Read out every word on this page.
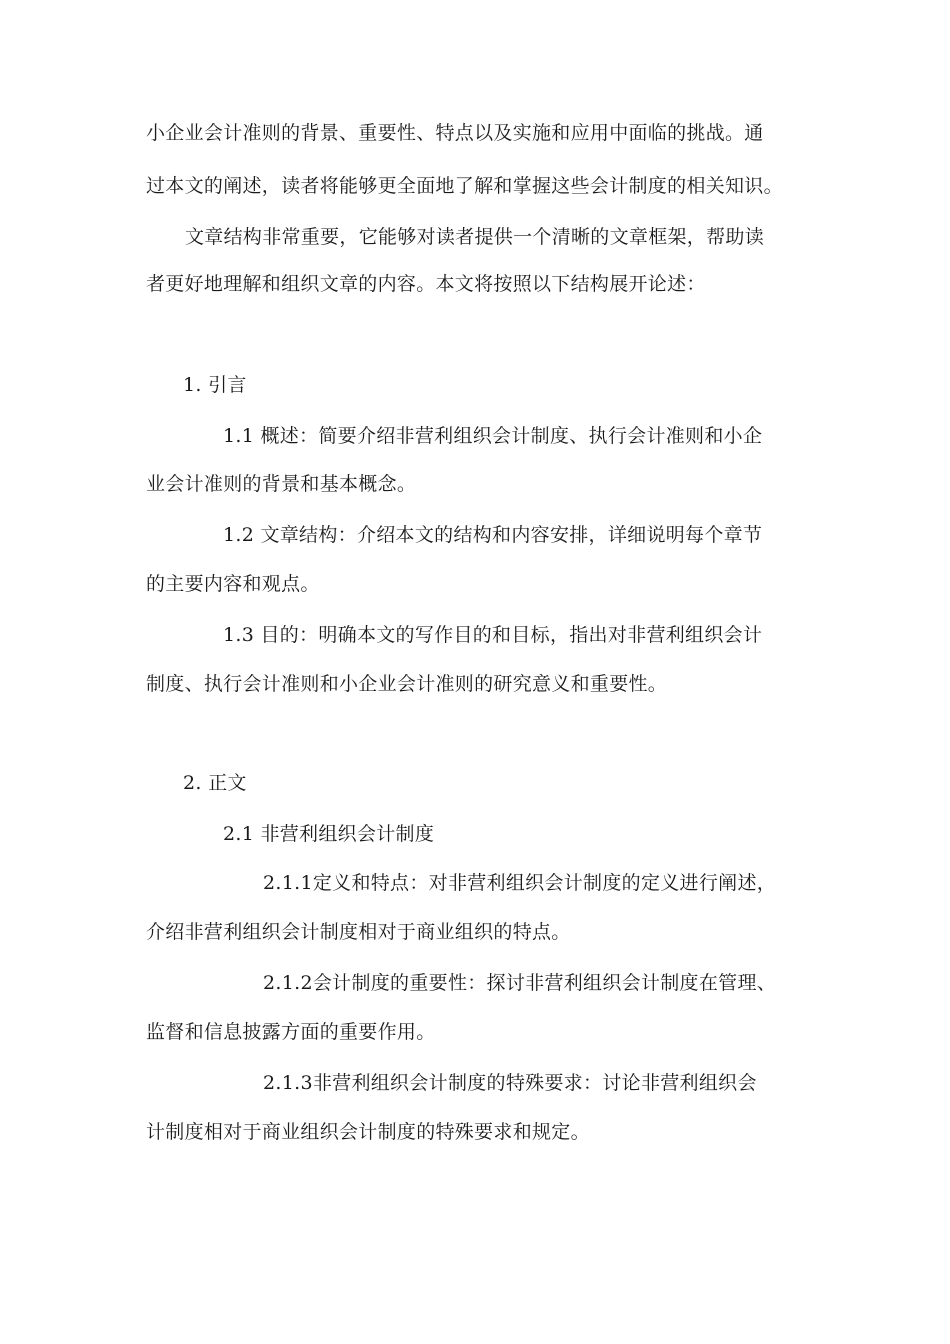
小企业会计准则的背景、重要性、特点以及实施和应用中面临的挑战。通
过本文的阐述，读者将能够更全面地了解和掌握这些会计制度的相关知识。
文章结构非常重要，它能够对读者提供一个清晰的文章框架，帮助读
者更好地理解和组织文章的内容。本文将按照以下结构展开论述：
1. 引言
1.1 概述：简要介绍非营利组织会计制度、执行会计准则和小企
业会计准则的背景和基本概念。
1.2 文章结构：介绍本文的结构和内容安排，详细说明每个章节
的主要内容和观点。
1.3 目的：明确本文的写作目的和目标，指出对非营利组织会计
制度、执行会计准则和小企业会计准则的研究意义和重要性。
2. 正文
2.1 非营利组织会计制度
2.1.1定义和特点：对非营利组织会计制度的定义进行阐述，
介绍非营利组织会计制度相对于商业组织的特点。
2.1.2会计制度的重要性：探讨非营利组织会计制度在管理、
监督和信息披露方面的重要作用。
2.1.3非营利组织会计制度的特殊要求：讨论非营利组织会
计制度相对于商业组织会计制度的特殊要求和规定。
